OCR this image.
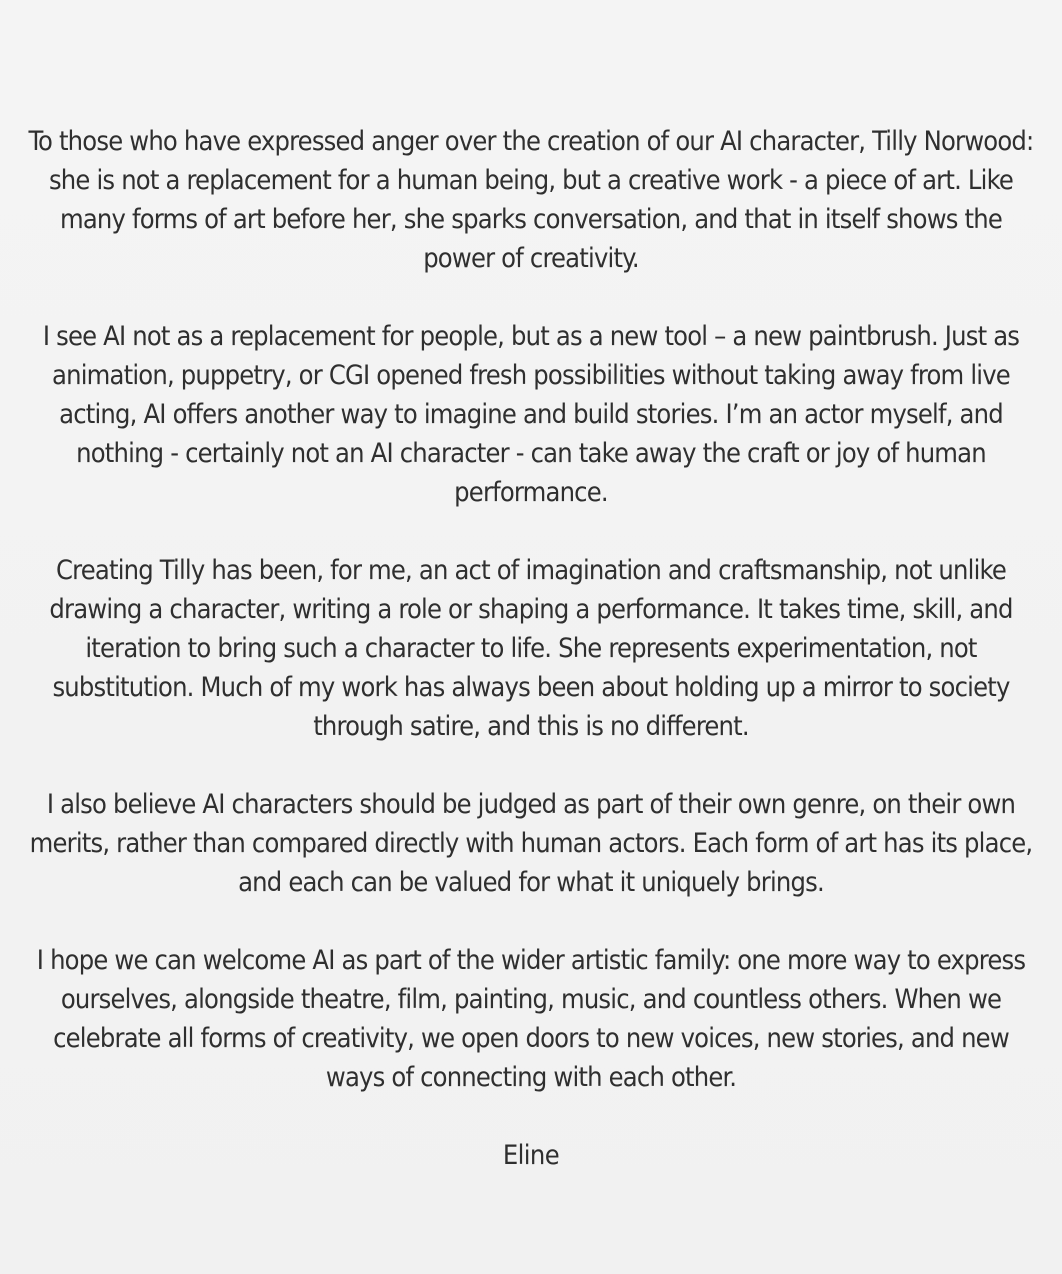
To those who have expressed anger over the creation of our AI character, Tilly Norwood: she is not a replacement for a human being, but a creative work - a piece of art. Like many forms of art before her, she sparks conversation, and that in itself shows the power of creativity.

I see AI not as a replacement for people, but as a new tool – a new paintbrush. Just as animation, puppetry, or CGI opened fresh possibilities without taking away from live acting, AI offers another way to imagine and build stories. I’m an actor myself, and nothing - certainly not an AI character - can take away the craft or joy of human performance.

Creating Tilly has been, for me, an act of imagination and craftsmanship, not unlike drawing a character, writing a role or shaping a performance. It takes time, skill, and iteration to bring such a character to life. She represents experimentation, not substitution. Much of my work has always been about holding up a mirror to society through satire, and this is no different.

I also believe AI characters should be judged as part of their own genre, on their own merits, rather than compared directly with human actors. Each form of art has its place, and each can be valued for what it uniquely brings.

I hope we can welcome AI as part of the wider artistic family: one more way to express ourselves, alongside theatre, film, painting, music, and countless others. When we celebrate all forms of creativity, we open doors to new voices, new stories, and new ways of connecting with each other.

Eline
